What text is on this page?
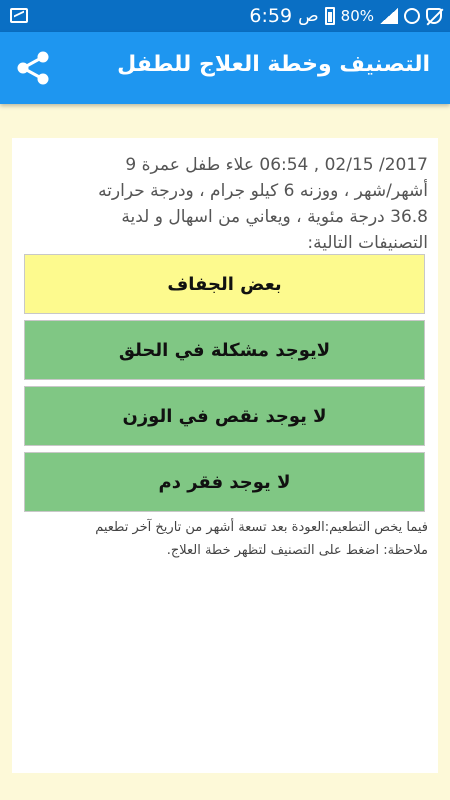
6:59 ص 80%
التصنيف وخطة العلاج للطفل
2017/ 02/15 , 06:54 علاء طفل عمرة 9
أشهر/شهر ، ووزنه 6 كيلو جرام ، ودرجة حرارته
36.8 درجة مئوية ، ويعاني من اسهال و لدية
التصنيفات التالية:
بعض الجفاف
لايوجد مشكلة في الحلق
لا يوجد نقص في الوزن
لا يوجد فقر دم
فيما يخص التطعيم:العودة بعد تسعة أشهر من تاريخ آخر تطعيم
ملاحظة: اضغط على التصنيف لتظهر خطة العلاج.
